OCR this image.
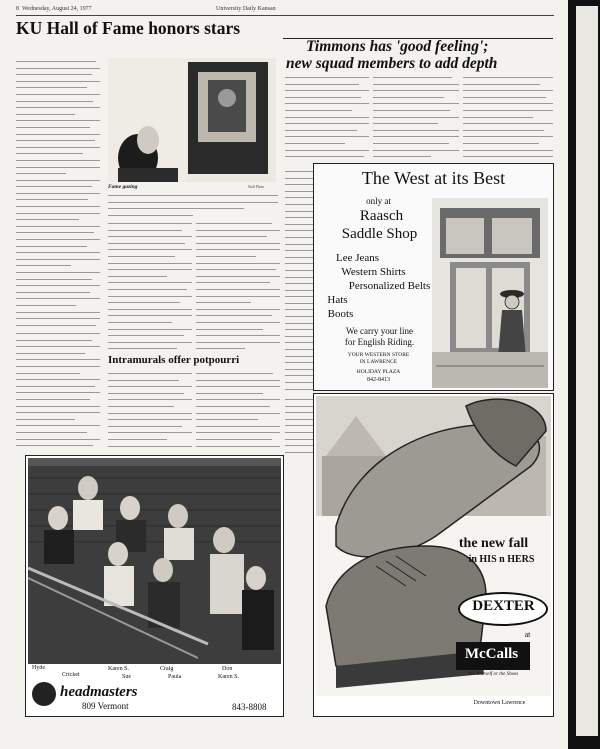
8 Wednesday, August 24, 1977	University Daily Kansan
KU Hall of Fame honors stars
Fame gazing	Staff Photo
Intramurals offer potpourri
Timmons has 'good feeling';
new squad members to add depth
The West at its Best
only at
Raasch
Saddle Shop
Lee Jeans
Western Shirts
Personalized Belts
Hats
Boots
We carry your line
for English Riding.
YOUR WESTERN STORE
IN LAWRENCE
HOLIDAY PLAZA
842-8413
Hyde
Cricket
Karen S.
Sue
Craig
Paula
Don
Karen S.
headmasters
809 Vermont	843-8808
the new fall
in HIS n HERS
DEXTER
at
McCalls
It's Yourself or the Shoes
Downtown Lawrence
